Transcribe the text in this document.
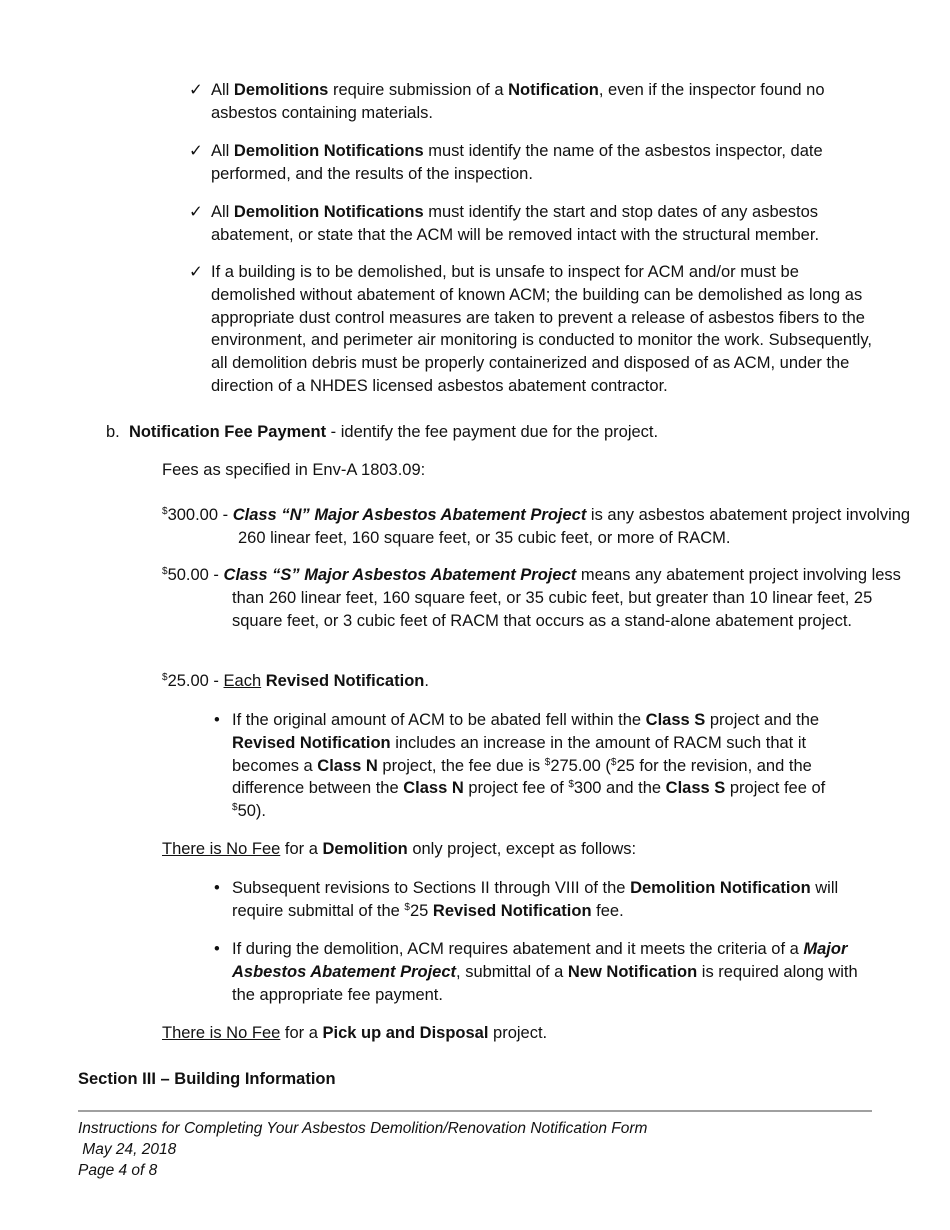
✓ All Demolitions require submission of a Notification, even if the inspector found no asbestos containing materials.

✓ All Demolition Notifications must identify the name of the asbestos inspector, date performed, and the results of the inspection.

✓ All Demolition Notifications must identify the start and stop dates of any asbestos abatement, or state that the ACM will be removed intact with the structural member.

✓ If a building is to be demolished, but is unsafe to inspect for ACM and/or must be demolished without abatement of known ACM; the building can be demolished as long as appropriate dust control measures are taken to prevent a release of asbestos fibers to the environment, and perimeter air monitoring is conducted to monitor the work. Subsequently, all demolition debris must be properly containerized and disposed of as ACM, under the direction of a NHDES licensed asbestos abatement contractor.

b. Notification Fee Payment - identify the fee payment due for the project.

Fees as specified in Env-A 1803.09:

$300.00 - Class “N” Major Asbestos Abatement Project is any asbestos abatement project involving 260 linear feet, 160 square feet, or 35 cubic feet, or more of RACM.

$50.00 - Class “S” Major Asbestos Abatement Project means any abatement project involving less than 260 linear feet, 160 square feet, or 35 cubic feet, but greater than 10 linear feet, 25 square feet, or 3 cubic feet of RACM that occurs as a stand-alone abatement project.

$25.00 - Each Revised Notification.

• If the original amount of ACM to be abated fell within the Class S project and the Revised Notification includes an increase in the amount of RACM such that it becomes a Class N project, the fee due is $275.00 ($25 for the revision, and the difference between the Class N project fee of $300 and the Class S project fee of $50).

There is No Fee for a Demolition only project, except as follows:

• Subsequent revisions to Sections II through VIII of the Demolition Notification will require submittal of the $25 Revised Notification fee.

• If during the demolition, ACM requires abatement and it meets the criteria of a Major Asbestos Abatement Project, submittal of a New Notification is required along with the appropriate fee payment.

There is No Fee for a Pick up and Disposal project.

Section III – Building Information

Instructions for Completing Your Asbestos Demolition/Renovation Notification Form
May 24, 2018
Page 4 of 8
